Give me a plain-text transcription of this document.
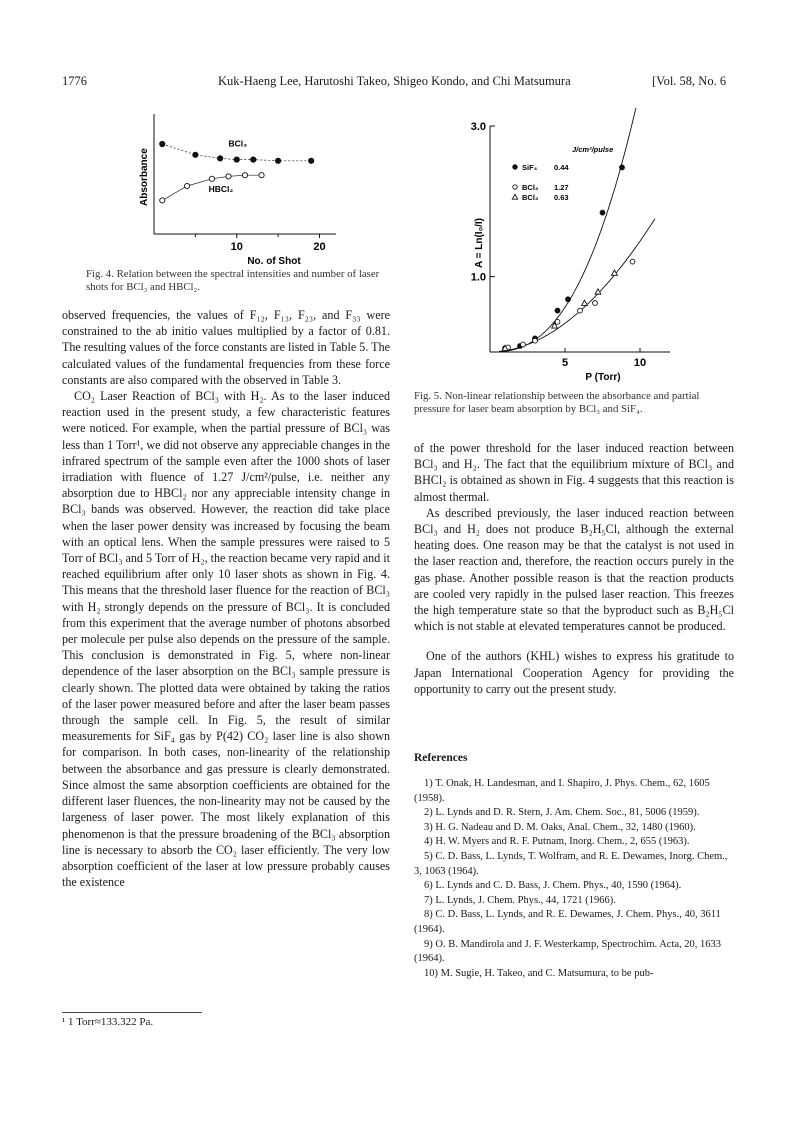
1776	Kuk-Haeng Lee, Harutoshi Takeo, Shigeo Kondo, and Chi Matsumura	[Vol. 58, No. 6
10	20
BCl₃
HBCl₂
Absorbance
No. of Shot
Fig. 4. Relation between the spectral intensities and number of laser shots for BCl₃ and HBCl₂.
3.0
1.0
5	10
SiF₄ 0.44
BCl₃ 1.27
BCl₃ 0.63
A = Ln(I₀/I)
P (Torr)
J/cm²/pulse
Fig. 5. Non-linear relationship between the absorbance and partial pressure for laser beam absorption by BCl₃ and SiF₄.

observed frequencies, the values of F₁₂, F₁₃, F₂₃, and F₃₃ were constrained to the ab initio values multiplied by a factor of 0.81. The resulting values of the force constants are listed in Table 5. The calculated values of the fundamental frequencies from these force constants are also compared with the observed in Table 3.

CO₂ Laser Reaction of BCl₃ with H₂. As to the laser induced reaction used in the present study, a few characteristic features were noticed. For example, when the partial pressure of BCl₃ was less than 1 Torr¹, we did not observe any appreciable changes in the infrared spectrum of the sample even after the 1000 shots of laser irradiation with fluence of 1.27 J/cm²/pulse, i.e. neither any absorption due to HBCl₂ nor any appreciable intensity change in BCl₃ bands was observed. However, the reaction did take place when the laser power density was increased by focusing the beam with an optical lens. When the sample pressures were raised to 5 Torr of BCl₃ and 5 Torr of H₂, the reaction became very rapid and it reached equilibrium after only 10 laser shots as shown in Fig. 4. This means that the threshold laser fluence for the reaction of BCl₃ with H₂ strongly depends on the pressure of BCl₃. It is concluded from this experiment that the average number of photons absorbed per molecule per pulse also depends on the pressure of the sample. This conclusion is demonstrated in Fig. 5, where non-linear dependence of the laser absorption on the BCl₃ sample pressure is clearly shown. The plotted data were obtained by taking the ratios of the laser power measured before and after the laser beam passes through the sample cell. In Fig. 5, the result of similar measurements for SiF₄ gas by P(42) CO₂ laser line is also shown for comparison. In both cases, non-linearity of the relationship between the absorbance and gas pressure is clearly demonstrated. Since almost the same absorption coefficients are obtained for the different laser fluences, the non-linearity may not be caused by the largeness of laser power. The most likely explanation of this phenomenon is that the pressure broadening of the BCl₃ absorption line is necessary to absorb the CO₂ laser efficiently. The very low absorption coefficient of the laser at low pressure probably causes the existence

¹ 1 Torr≈133.322 Pa.

of the power threshold for the laser induced reaction between BCl₃ and H₂. The fact that the equilibrium mixture of BCl₃ and BHCl₂ is obtained as shown in Fig. 4 suggests that this reaction is almost thermal.

As described previously, the laser induced reaction between BCl₃ and H₂ does not produce B₂H₅Cl, although the external heating does. One reason may be that the catalyst is not used in the laser reaction and, therefore, the reaction occurs purely in the gas phase. Another possible reason is that the reaction products are cooled very rapidly in the pulsed laser reaction. This freezes the high temperature state so that the byproduct such as B₂H₅Cl which is not stable at elevated temperatures cannot be produced.

One of the authors (KHL) wishes to express his gratitude to Japan International Cooperation Agency for providing the opportunity to carry out the present study.

References

1) T. Onak, H. Landesman, and I. Shapiro, J. Phys. Chem., 62, 1605 (1958).

2) L. Lynds and D. R. Stern, J. Am. Chem. Soc., 81, 5006 (1959).

3) H. G. Nadeau and D. M. Oaks, Anal. Chem., 32, 1480 (1960).

4) H. W. Myers and R. F. Putnam, Inorg. Chem., 2, 655 (1963).

5) C. D. Bass, L. Lynds, T. Wolfram, and R. E. Dewames, Inorg. Chem., 3, 1063 (1964).

6) L. Lynds and C. D. Bass, J. Chem. Phys., 40, 1590 (1964).

7) L. Lynds, J. Chem. Phys., 44, 1721 (1966).

8) C. D. Bass, L. Lynds, and R. E. Dewames, J. Chem. Phys., 40, 3611 (1964).

9) O. B. Mandirola and J. F. Westerkamp, Spectrochim. Acta, 20, 1633 (1964).

10) M. Sugie, H. Takeo, and C. Matsumura, to be pub-
